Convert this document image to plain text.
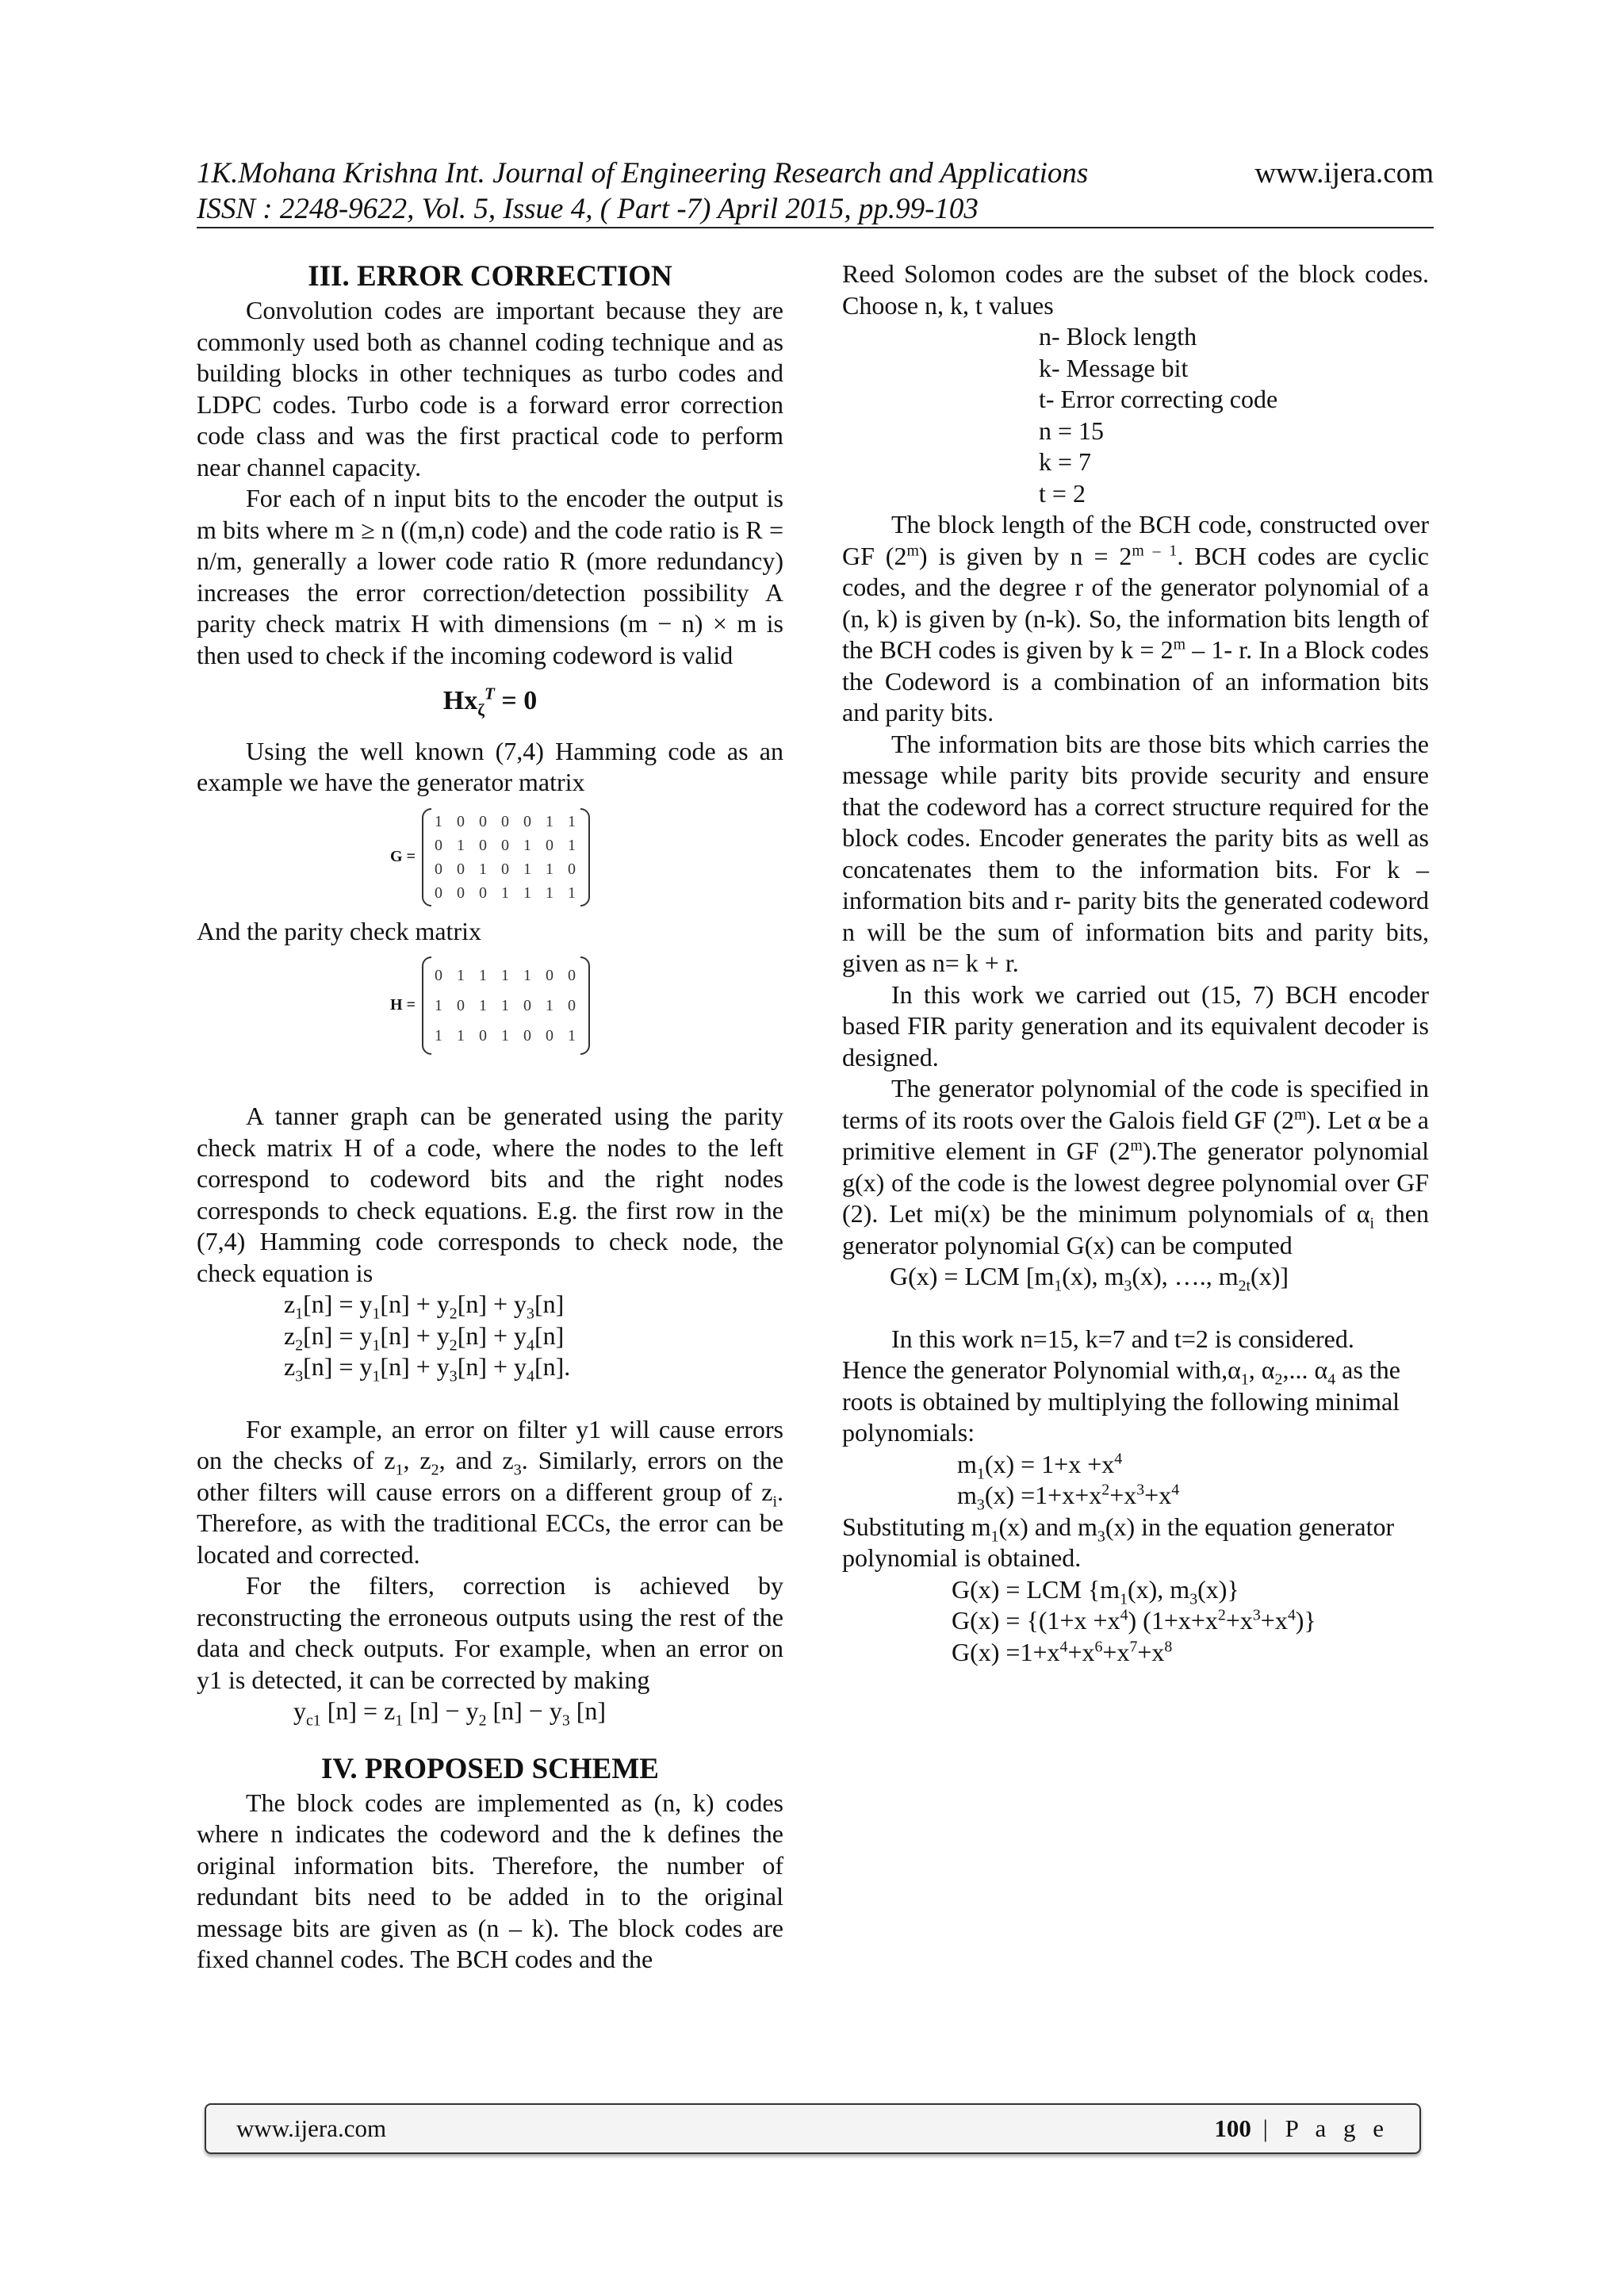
1K.Mohana Krishna Int. Journal of Engineering Research and Applications	www.ijera.com
ISSN : 2248-9622, Vol. 5, Issue 4, ( Part -7) April 2015, pp.99-103

III. ERROR CORRECTION

Convolution codes are important because they are commonly used both as channel coding technique and as building blocks in other techniques as turbo codes and LDPC codes. Turbo code is a forward error correction code class and was the first practical code to perform near channel capacity.

For each of n input bits to the encoder the output is m bits where m ≥ n ((m,n) code) and the code ratio is R = n/m, generally a lower code ratio R (more redundancy) increases the error correction/detection possibility A parity check matrix H with dimensions (m − n) × m is then used to check if the incoming codeword is valid

$Hx_\zeta^T = 0$

Using the well known (7,4) Hamming code as an example we have the generator matrix

G =
1 0 0 0 0 1 1
0 1 0 0 1 0 1
0 0 1 0 1 1 0
0 0 0 1 1 1 1

And the parity check matrix

H =
0 1 1 1 1 0 0
1 0 1 1 0 1 0
1 1 0 1 0 0 1

A tanner graph can be generated using the parity check matrix H of a code, where the nodes to the left correspond to codeword bits and the right nodes corresponds to check equations. E.g. the first row in the (7,4) Hamming code corresponds to check node, the check equation is

$z_1[n] = y_1[n] + y_2[n] + y_3[n]$
$z_2[n] = y_1[n] + y_2[n] + y_4[n]$
$z_3[n] = y_1[n] + y_3[n] + y_4[n]$.

For example, an error on filter y1 will cause errors on the checks of $z_1$, $z_2$, and $z_3$. Similarly, errors on the other filters will cause errors on a different group of $z_i$. Therefore, as with the traditional ECCs, the error can be located and corrected.

For the filters, correction is achieved by reconstructing the erroneous outputs using the rest of the data and check outputs. For example, when an error on y1 is detected, it can be corrected by making

$y_{c1}$ $[n] = z_1$ $[n] - y_2$ $[n] - y_3$ [n]

IV. PROPOSED SCHEME

The block codes are implemented as (n, k) codes where n indicates the codeword and the k defines the original information bits. Therefore, the number of redundant bits need to be added in to the original message bits are given as (n – k). The block codes are fixed channel codes. The BCH codes and the

Reed Solomon codes are the subset of the block codes. Choose n, k, t values

n- Block length
k- Message bit
t- Error correcting code
n = 15
k = 7
t = 2

The block length of the BCH code, constructed over GF (2$^m$) is given by $n = 2^{m - 1}$. BCH codes are cyclic codes, and the degree r of the generator polynomial of a (n, k) is given by (n-k). So, the information bits length of the BCH codes is given by $k = 2^m - 1-$ r. In a Block codes the Codeword is a combination of an information bits and parity bits.

The information bits are those bits which carries the message while parity bits provide security and ensure that the codeword has a correct structure required for the block codes. Encoder generates the parity bits as well as concatenates them to the information bits. For k – information bits and r- parity bits the generated codeword n will be the sum of information bits and parity bits, given as n= k + r.

In this work we carried out (15, 7) BCH encoder based FIR parity generation and its equivalent decoder is designed.

The generator polynomial of the code is specified in terms of its roots over the Galois field GF (2$^m$). Let α be a primitive element in GF (2$^m$).The generator polynomial g(x) of the code is the lowest degree polynomial over GF (2). Let mi(x) be the minimum polynomials of $\alpha_i$ then generator polynomial G(x) can be computed

G(x) = LCM [$m_1(x)$, $m_3(x)$, …., $m_{2t}(x)$]

In this work n=15, k=7 and t=2 is considered.

Hence the generator Polynomial $with,\alpha_1$, $\alpha_2$,... $\alpha_4$ as the roots is obtained by multiplying the following minimal polynomials:

$m_1(x) = 1+x +x^4$
$m_3(x) =1+x+x^2+x^3+x^4$

Substituting $m_1(x)$ and $m_3(x)$ in the equation generator polynomial is obtained.

G(x) = LCM {$m_1(x)$, $m_3(x)$}
$G(x) = \{(1+x +x^4)$ $(1+x+x^2+x^3+x^4)$}
$G(x) =1+x^4+x^6+x^7+x^8$
www.ijera.com	100 | P a g e
